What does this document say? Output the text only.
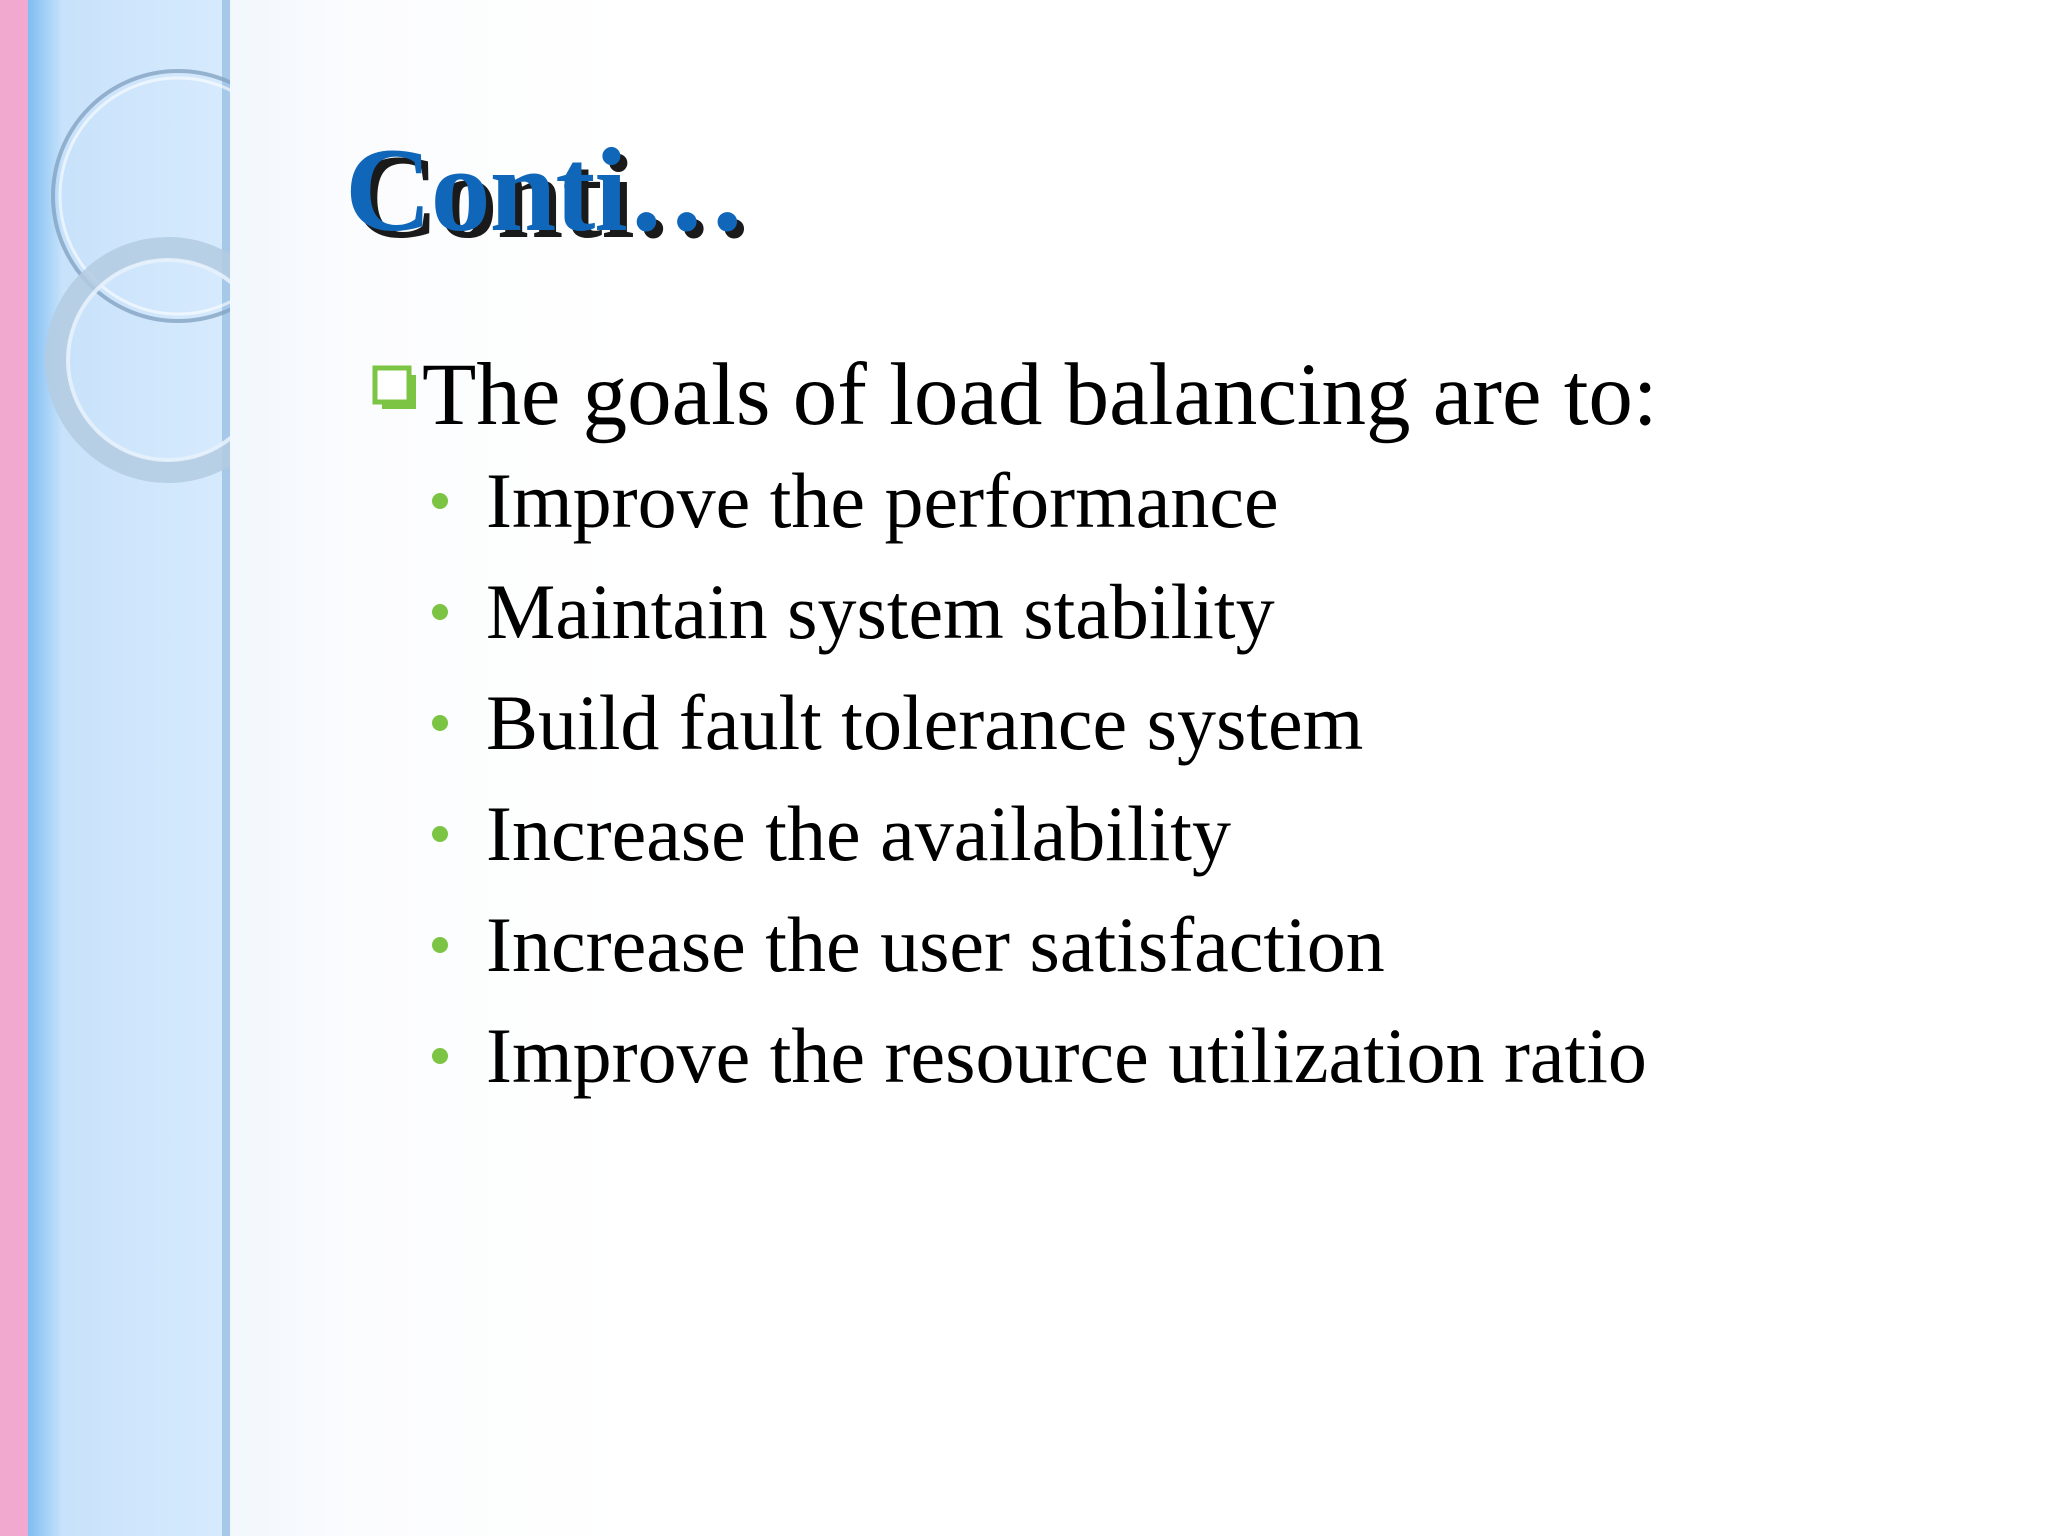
Conti…
The goals of load balancing are to:
Improve the performance
Maintain system stability
Build fault tolerance system
Increase the availability
Increase the user satisfaction
Improve the resource utilization ratio
